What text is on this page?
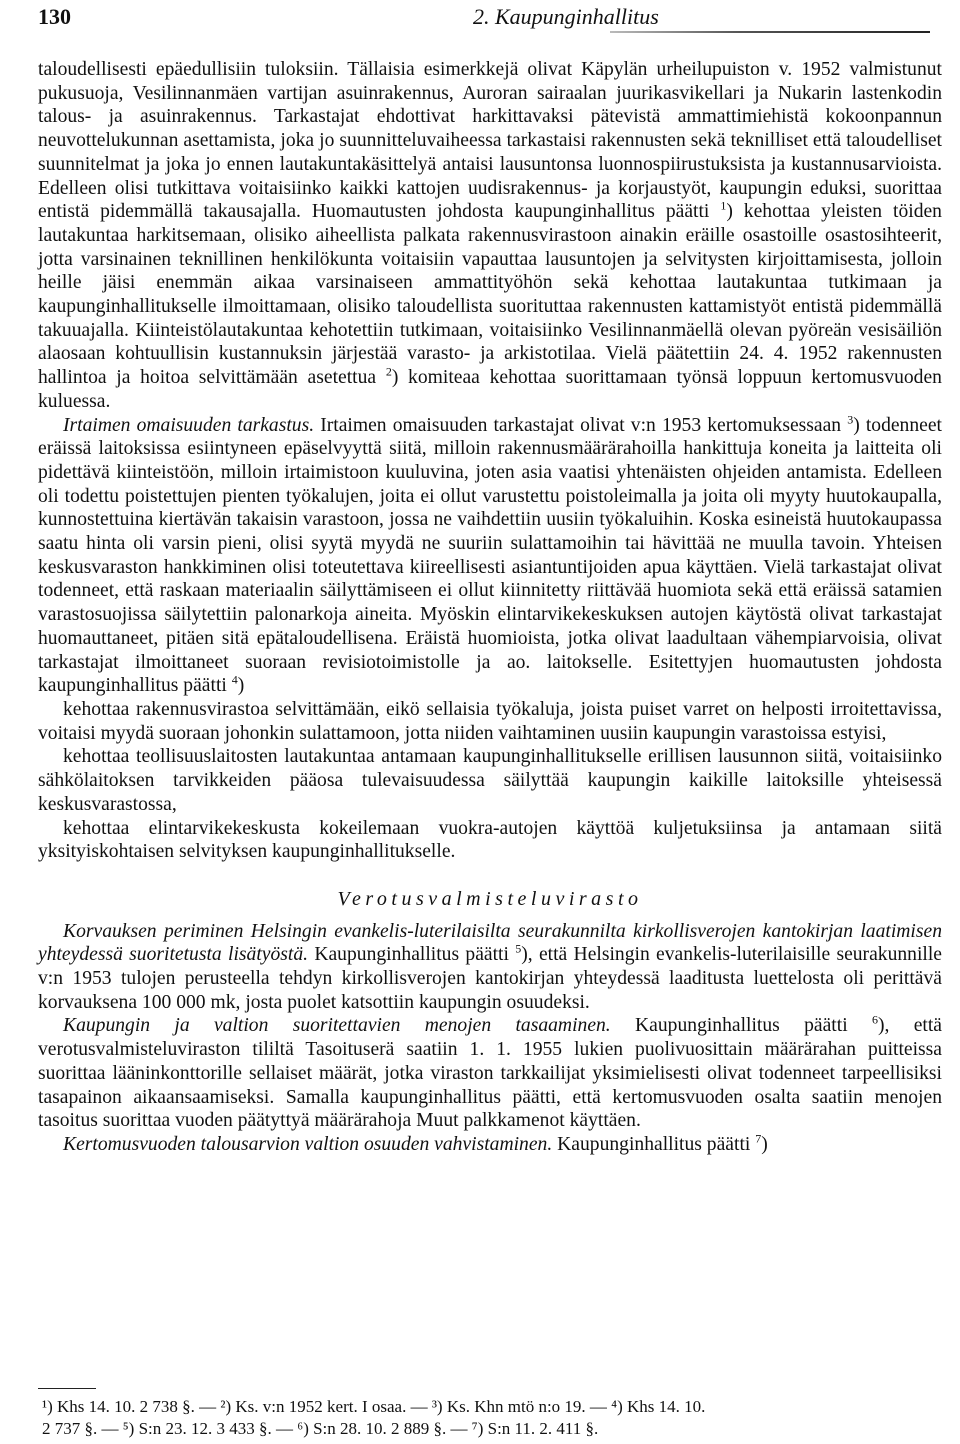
130	2. Kaupunginhallitus

taloudellisesti epäedullisiin tuloksiin. Tällaisia esimerkkejä olivat Käpylän urheilupuiston v. 1952 valmistunut pukusuoja, Vesilinnanmäen vartijan asuinrakennus, Auroran sairaalan juurikasvikellari ja Nukarin lastenkodin talous- ja asuinrakennus. Tarkastajat ehdottivat harkittavaksi pätevistä ammattimiehistä kokoonpannun neuvottelukunnan asettamista, joka jo suunnitteluvaiheessa tarkastaisi rakennusten sekä teknilliset että taloudelliset suunnitelmat ja joka jo ennen lautakuntakäsittelyä antaisi lausuntonsa luonnospiirustuksista ja kustannusarvioista. Edelleen olisi tutkittava voitaisiinko kaikki kattojen uudisrakennus- ja korjaustyöt, kaupungin eduksi, suorittaa entistä pidemmällä takausajalla. Huomautusten johdosta kaupunginhallitus päätti $^1$) kehottaa yleisten töiden lautakuntaa harkitsemaan, olisiko aiheellista palkata rakennusvirastoon ainakin eräille osastoille osastosihteerit, jotta varsinainen teknillinen henkilökunta voitaisiin vapauttaa lausuntojen ja selvitysten kirjoittamisesta, jolloin heille jäisi enemmän aikaa varsinaiseen ammattityöhön sekä kehottaa lautakuntaa tutkimaan ja kaupunginhallitukselle ilmoittamaan, olisiko taloudellista suorituttaa rakennusten kattamistyöt entistä pidemmällä takuuajalla. Kiinteistölautakuntaa kehotettiin tutkimaan, voitaisiinko Vesilinnanmäellä olevan pyöreän vesisäiliön alaosaan kohtuullisin kustannuksin järjestää varasto- ja arkistotilaa. Vielä päätettiin 24. 4. 1952 rakennusten hallintoa ja hoitoa selvittämään asetettua $^2$) komiteaa kehottaa suorittamaan työnsä loppuun kertomusvuoden kuluessa.

Irtaimen omaisuuden tarkastus. Irtaimen omaisuuden tarkastajat olivat v:n 1953 kertomuksessaan $^3$) todenneet eräissä laitoksissa esiintyneen epäselvyyttä siitä, milloin rakennusmäärärahoilla hankittuja koneita ja laitteita oli pidettävä kiinteistöön, milloin irtaimistoon kuuluvina, joten asia vaatisi yhtenäisten ohjeiden antamista. Edelleen oli todettu poistettujen pienten työkalujen, joita ei ollut varustettu poistoleimalla ja joita oli myyty huutokaupalla, kunnostettuina kiertävän takaisin varastoon, jossa ne vaihdettiin uusiin työkaluihin. Koska esineistä huutokaupassa saatu hinta oli varsin pieni, olisi syytä myydä ne suuriin sulattamoihin tai hävittää ne muulla tavoin. Yhteisen keskusvaraston hankkiminen olisi toteutettava kiireellisesti asiantuntijoiden apua käyttäen. Vielä tarkastajat olivat todenneet, että raskaan materiaalin säilyttämiseen ei ollut kiinnitetty riittävää huomiota sekä että eräissä satamien varastosuojissa säilytettiin palonarkoja aineita. Myöskin elintarvikekeskuksen autojen käytöstä olivat tarkastajat huomauttaneet, pitäen sitä epätaloudellisena. Eräistä huomioista, jotka olivat laadultaan vähempiarvoisia, olivat tarkastajat ilmoittaneet suoraan revisiotoimistolle ja ao. laitokselle. Esitettyjen huomautusten johdosta kaupunginhallitus päätti $^4$)

kehottaa rakennusvirastoa selvittämään, eikö sellaisia työkaluja, joista puiset varret on helposti irroitettavissa, voitaisi myydä suoraan johonkin sulattamoon, jotta niiden vaihtaminen uusiin kaupungin varastoissa estyisi,

kehottaa teollisuuslaitosten lautakuntaa antamaan kaupunginhallitukselle erillisen lausunnon siitä, voitaisiinko sähkölaitoksen tarvikkeiden pääosa tulevaisuudessa säilyttää kaupungin kaikille laitoksille yhteisessä keskusvarastossa,

kehottaa elintarvikekeskusta kokeilemaan vuokra-autojen käyttöä kuljetuksiinsa ja antamaan siitä yksityiskohtaisen selvityksen kaupunginhallitukselle.

Verotusvalmisteluvirasto

Korvauksen periminen Helsingin evankelis-luterilaisilta seurakunnilta kirkollisverojen kantokirjan laatimisen yhteydessä suoritetusta lisätyöstä. Kaupunginhallitus päätti $^5$), että Helsingin evankelis-luterilaisille seurakunnille v:n 1953 tulojen perusteella tehdyn kirkollisverojen kantokirjan yhteydessä laaditusta luettelosta oli perittävä korvauksena 100 000 mk, josta puolet katsottiin kaupungin osuudeksi.

Kaupungin ja valtion suoritettavien menojen tasaaminen. Kaupunginhallitus päätti $^6$), että verotusvalmisteluviraston tililtä Tasoituserä saatiin 1. 1. 1955 lukien puolivuosittain määrärahan puitteissa suorittaa lääninkonttorille sellaiset määrät, jotka viraston tarkkailijat yksimielisesti olivat todenneet tarpeellisiksi tasapainon aikaansaamiseksi. Samalla kaupunginhallitus päätti, että kertomusvuoden osalta saatiin menojen tasoitus suorittaa vuoden päätyttyä määrärahoja Muut palkkamenot käyttäen.

Kertomusvuoden talousarvion valtion osuuden vahvistaminen. Kaupunginhallitus päätti $^7$)

¹) Khs 14. 10. 2 738 §. — ²) Ks. v:n 1952 kert. I osaa. — ³) Ks. Khn mtö n:o 19. — ⁴) Khs 14. 10.

2 737 §. — ⁵) S:n 23. 12. 3 433 §. — ⁶) S:n 28. 10. 2 889 §. — ⁷) S:n 11. 2. 411 §.
